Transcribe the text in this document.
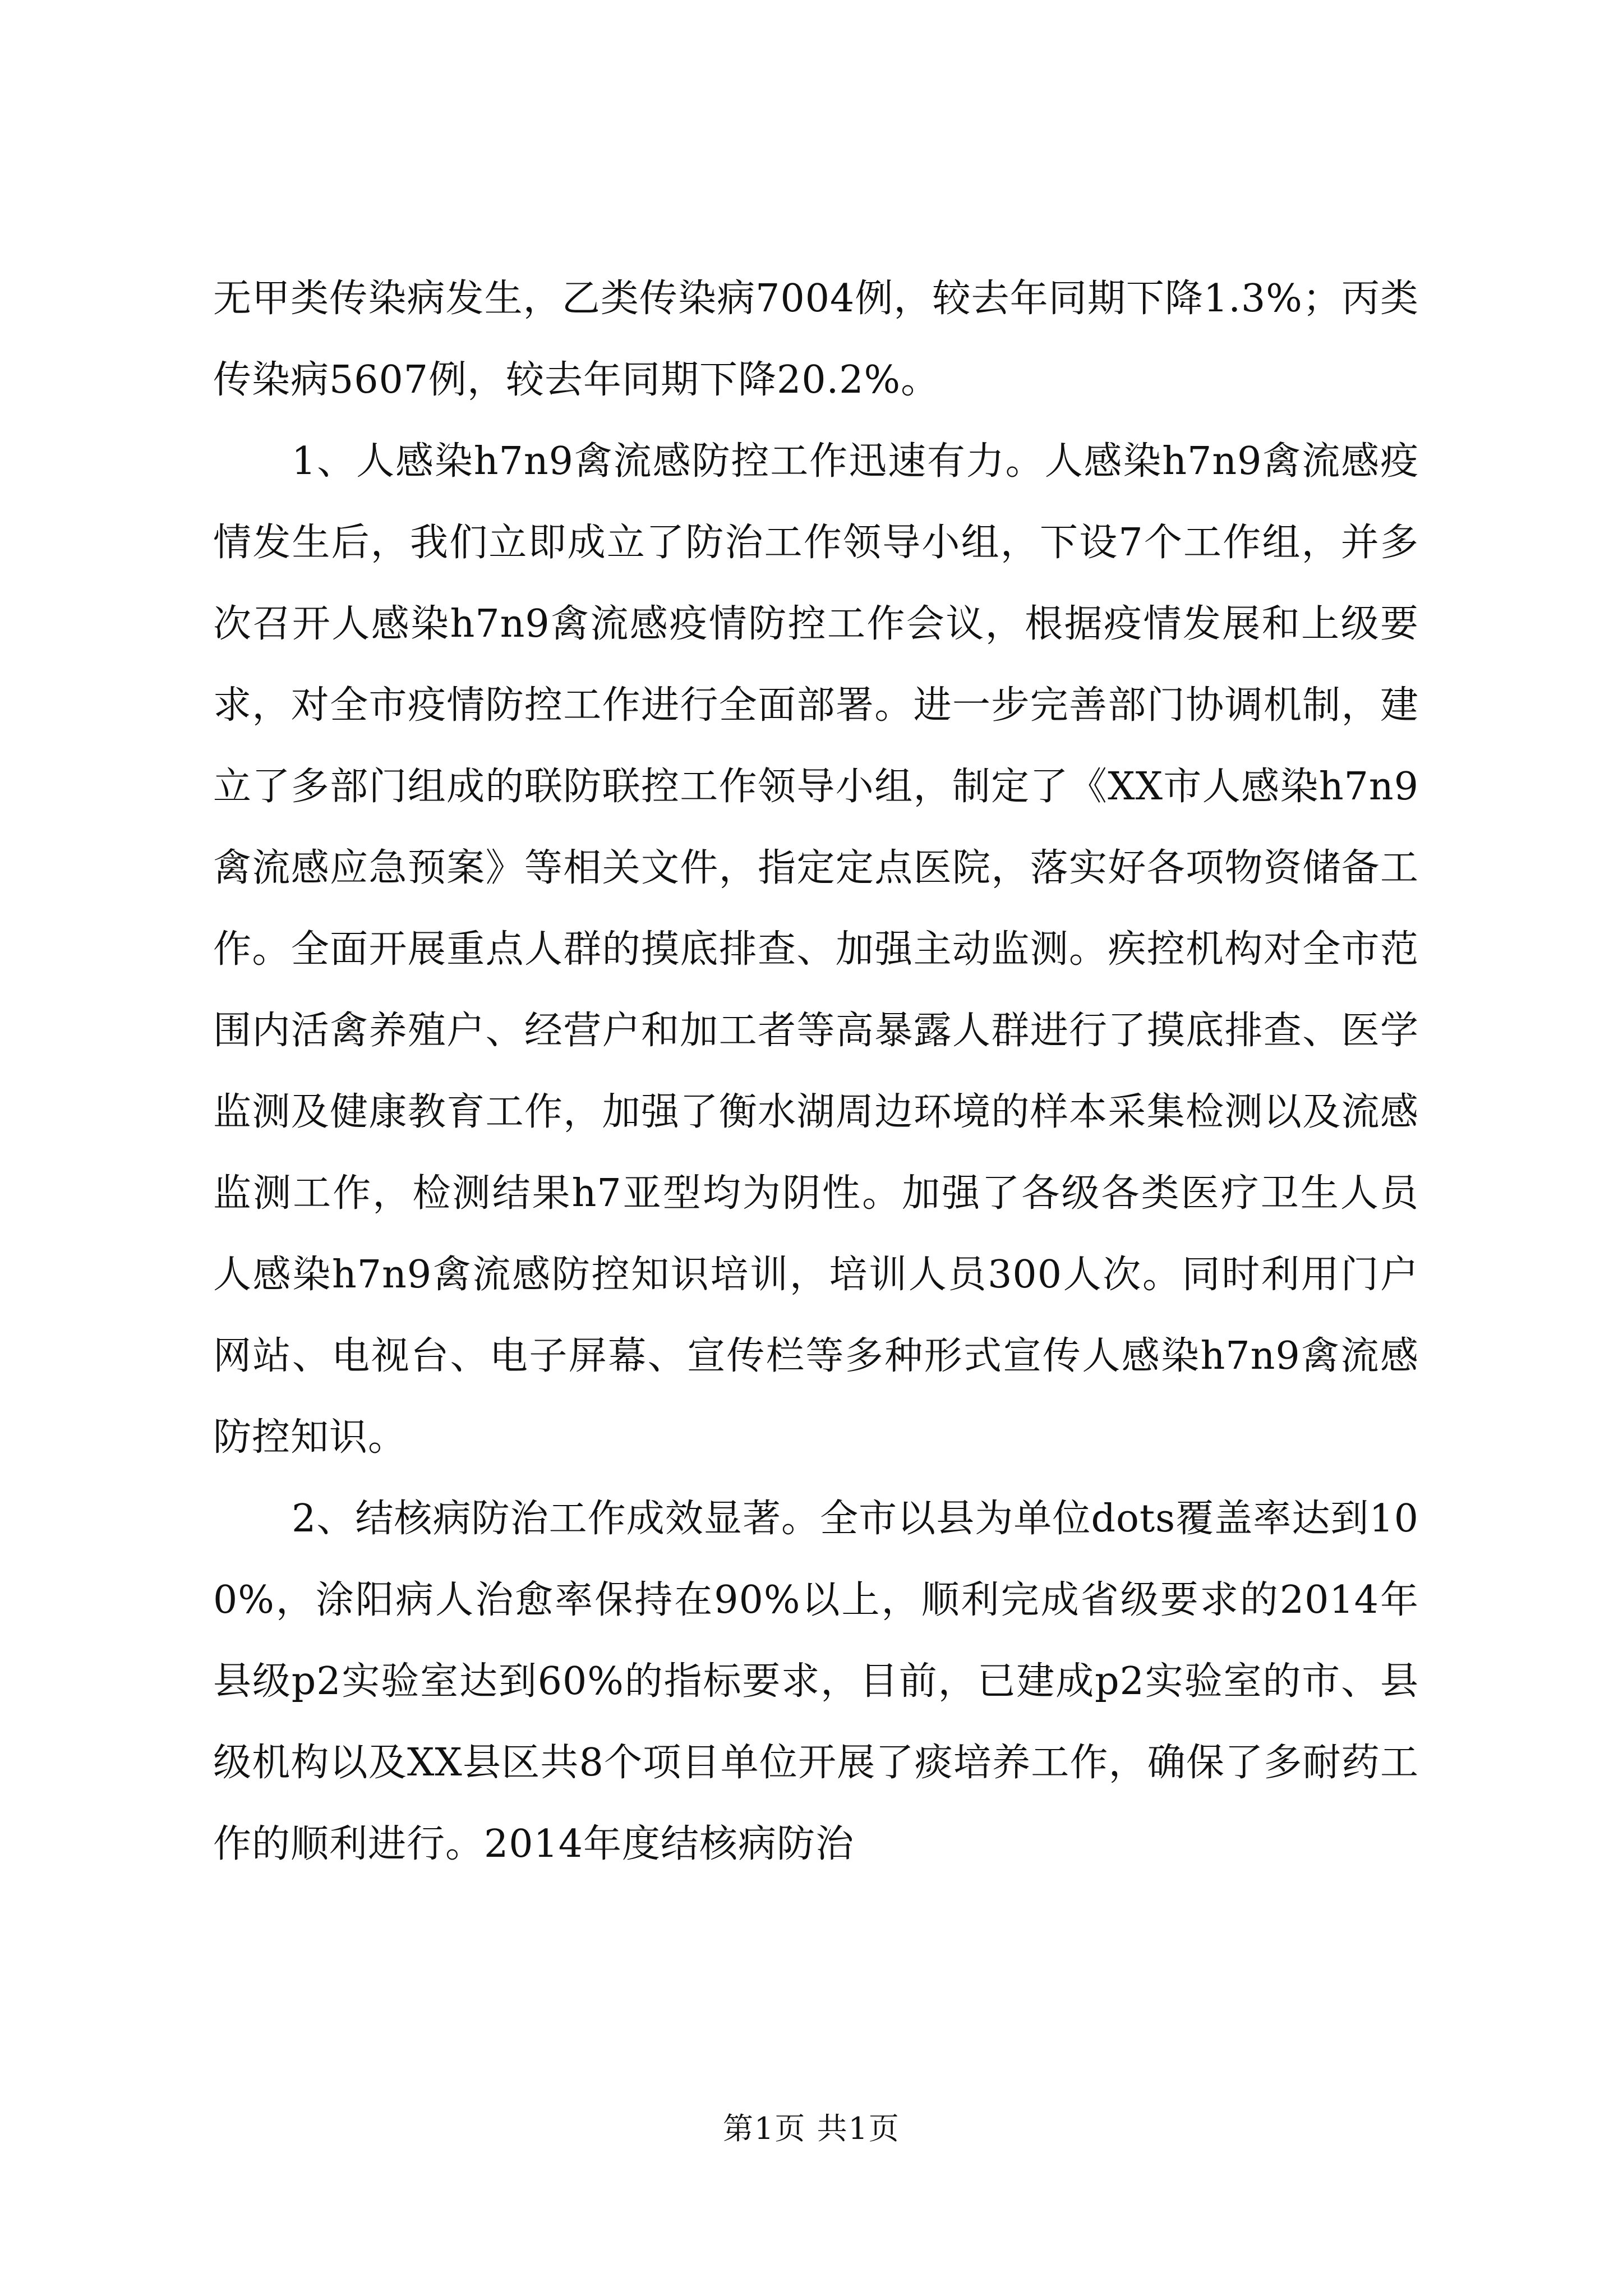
无甲类传染病发生，乙类传染病7004例，较去年同期下降1.3%；丙类传染病5607例，较去年同期下降20.2%。

1、人感染h7n9禽流感防控工作迅速有力。人感染h7n9禽流感疫情发生后，我们立即成立了防治工作领导小组，下设7个工作组，并多次召开人感染h7n9禽流感疫情防控工作会议，根据疫情发展和上级要求，对全市疫情防控工作进行全面部署。进一步完善部门协调机制，建立了多部门组成的联防联控工作领导小组，制定了《XX市人感染h7n9禽流感应急预案》等相关文件，指定定点医院，落实好各项物资储备工作。全面开展重点人群的摸底排查、加强主动监测。疾控机构对全市范围内活禽养殖户、经营户和加工者等高暴露人群进行了摸底排查、医学监测及健康教育工作，加强了衡水湖周边环境的样本采集检测以及流感监测工作，检测结果h7亚型均为阴性。加强了各级各类医疗卫生人员人感染h7n9禽流感防控知识培训，培训人员300人次。同时利用门户网站、电视台、电子屏幕、宣传栏等多种形式宣传人感染h7n9禽流感防控知识。

2、结核病防治工作成效显著。全市以县为单位dots覆盖率达到100%，涂阳病人治愈率保持在90%以上，顺利完成省级要求的2014年县级p2实验室达到60%的指标要求，目前，已建成p2实验室的市、县级机构以及XX县区共8个项目单位开展了痰培养工作，确保了多耐药工作的顺利进行。2014年度结核病防治

第1页 共1页
